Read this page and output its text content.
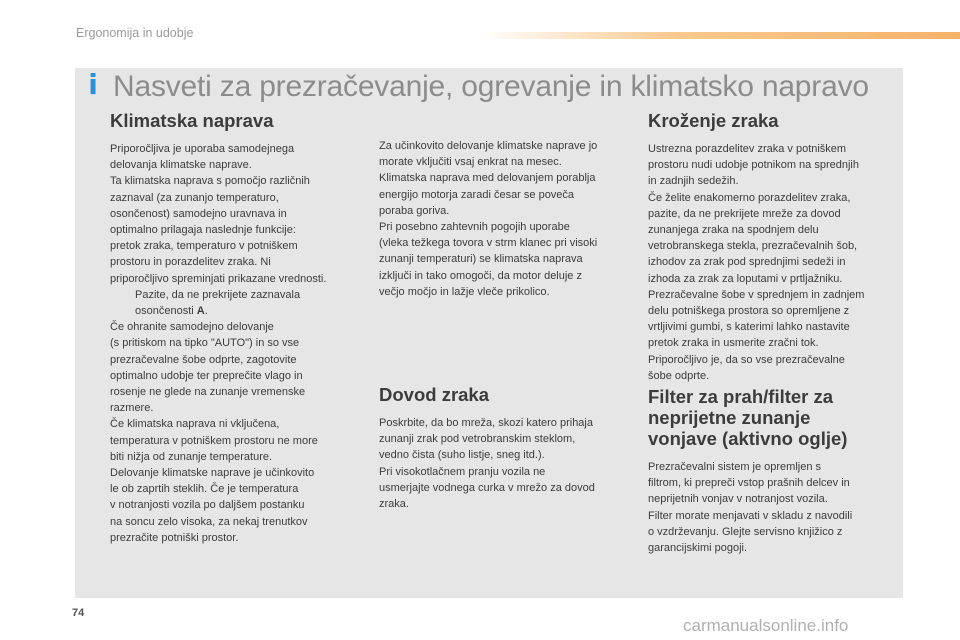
Ergonomija in udobje
i Nasveti za prezračevanje, ogrevanje in klimatsko napravo
Klimatska naprava
Priporočljiva je uporaba samodejnega
delovanja klimatske naprave.
Ta klimatska naprava s pomočjo različnih
zaznaval (za zunanjo temperaturo,
osončenost) samodejno uravnava in
optimalno prilagaja naslednje funkcije:
pretok zraka, temperaturo v potniškem
prostoru in porazdelitev zraka. Ni
priporočljivo spreminjati prikazane vrednosti.
Pazite, da ne prekrijete zaznavala
osončenosti A.
Če ohranite samodejno delovanje
(s pritiskom na tipko "AUTO") in so vse
prezračevalne šobe odprte, zagotovite
optimalno udobje ter preprečite vlago in
rosenje ne glede na zunanje vremenske
razmere.
Če klimatska naprava ni vključena,
temperatura v potniškem prostoru ne more
biti nižja od zunanje temperature.
Delovanje klimatske naprave je učinkovito
le ob zaprtih steklih. Če je temperatura
v notranjosti vozila po daljšem postanku
na soncu zelo visoka, za nekaj trenutkov
prezračite potniški prostor.
Za učinkovito delovanje klimatske naprave jo
morate vključiti vsaj enkrat na mesec.
Klimatska naprava med delovanjem porablja
energijo motorja zaradi česar se poveča
poraba goriva.
Pri posebno zahtevnih pogojih uporabe
(vleka težkega tovora v strm klanec pri visoki
zunanji temperaturi) se klimatska naprava
izključi in tako omogoči, da motor deluje z
večjo močjo in lažje vleče prikolico.
Dovod zraka
Poskrbite, da bo mreža, skozi katero prihaja
zunanji zrak pod vetrobranskim steklom,
vedno čista (suho listje, sneg itd.).
Pri visokotlačnem pranju vozila ne
usmerjajte vodnega curka v mrežo za dovod
zraka.
Kroženje zraka
Ustrezna porazdelitev zraka v potniškem
prostoru nudi udobje potnikom na sprednjih
in zadnjih sedežih.
Če želite enakomerno porazdelitev zraka,
pazite, da ne prekrijete mreže za dovod
zunanjega zraka na spodnjem delu
vetrobranskega stekla, prezračevalnih šob,
izhodov za zrak pod sprednjimi sedeži in
izhoda za zrak za loputami v prtljažniku.
Prezračevalne šobe v sprednjem in zadnjem
delu potniškega prostora so opremljene z
vrtljivimi gumbi, s katerimi lahko nastavite
pretok zraka in usmerite zračni tok.
Priporočljivo je, da so vse prezračevalne
šobe odprte.
Filter za prah/filter za
neprijetne zunanje
vonjave (aktivno oglje)
Prezračevalni sistem je opremljen s
filtrom, ki prepreči vstop prašnih delcev in
neprijetnih vonjav v notranjost vozila.
Filter morate menjavati v skladu z navodili
o vzdrževanju. Glejte servisno knjižico z
garancijskimi pogoji.
74
carmanualsonline.info
